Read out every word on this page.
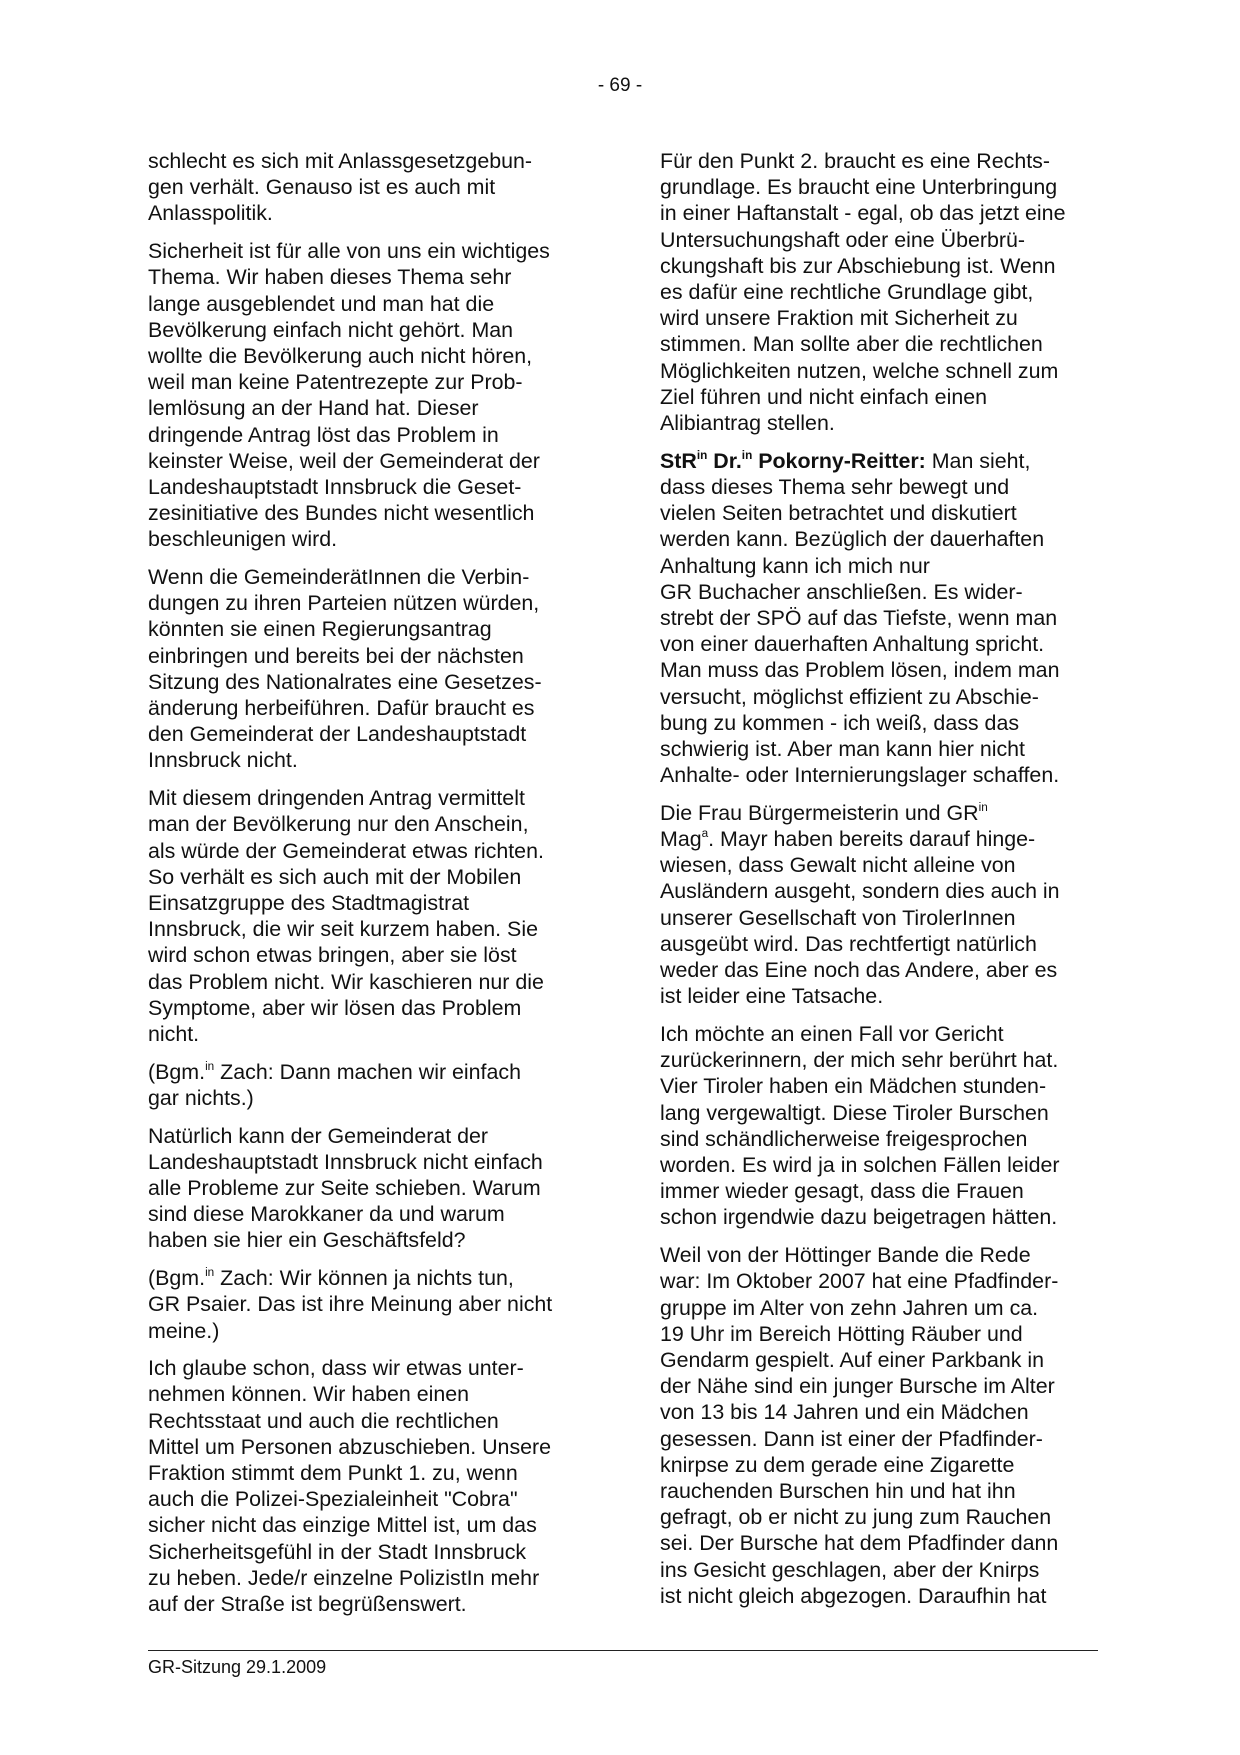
- 69 -

schlecht es sich mit Anlassgesetzgebun-
gen verhält. Genauso ist es auch mit
Anlasspolitik.

Sicherheit ist für alle von uns ein wichtiges
Thema. Wir haben dieses Thema sehr
lange ausgeblendet und man hat die
Bevölkerung einfach nicht gehört. Man
wollte die Bevölkerung auch nicht hören,
weil man keine Patentrezepte zur Prob-
lemlösung an der Hand hat. Dieser
dringende Antrag löst das Problem in
keinster Weise, weil der Gemeinderat der
Landeshauptstadt Innsbruck die Geset-
zesinitiative des Bundes nicht wesentlich
beschleunigen wird.

Wenn die GemeinderätInnen die Verbin-
dungen zu ihren Parteien nützen würden,
könnten sie einen Regierungsantrag
einbringen und bereits bei der nächsten
Sitzung des Nationalrates eine Gesetzes-
änderung herbeiführen. Dafür braucht es
den Gemeinderat der Landeshauptstadt
Innsbruck nicht.

Mit diesem dringenden Antrag vermittelt
man der Bevölkerung nur den Anschein,
als würde der Gemeinderat etwas richten.
So verhält es sich auch mit der Mobilen
Einsatzgruppe des Stadtmagistrat
Innsbruck, die wir seit kurzem haben. Sie
wird schon etwas bringen, aber sie löst
das Problem nicht. Wir kaschieren nur die
Symptome, aber wir lösen das Problem
nicht.

(Bgm.$^{in}$ Zach: Dann machen wir einfach
gar nichts.)

Natürlich kann der Gemeinderat der
Landeshauptstadt Innsbruck nicht einfach
alle Probleme zur Seite schieben. Warum
sind diese Marokkaner da und warum
haben sie hier ein Geschäftsfeld?

(Bgm.$^{in}$ Zach: Wir können ja nichts tun,
GR Psaier. Das ist ihre Meinung aber nicht
meine.)

Ich glaube schon, dass wir etwas unter-
nehmen können. Wir haben einen
Rechtsstaat und auch die rechtlichen
Mittel um Personen abzuschieben. Unsere
Fraktion stimmt dem Punkt 1. zu, wenn
auch die Polizei-Spezialeinheit "Cobra"
sicher nicht das einzige Mittel ist, um das
Sicherheitsgefühl in der Stadt Innsbruck
zu heben. Jede/r einzelne PolizistIn mehr
auf der Straße ist begrüßenswert.

Für den Punkt 2. braucht es eine Rechts-
grundlage. Es braucht eine Unterbringung
in einer Haftanstalt - egal, ob das jetzt eine
Untersuchungshaft oder eine Überbrü-
ckungshaft bis zur Abschiebung ist. Wenn
es dafür eine rechtliche Grundlage gibt,
wird unsere Fraktion mit Sicherheit zu
stimmen. Man sollte aber die rechtlichen
Möglichkeiten nutzen, welche schnell zum
Ziel führen und nicht einfach einen
Alibiantrag stellen.

StR$^{in}$ Dr.$^{in}$ Pokorny-Reitter: Man sieht,
dass dieses Thema sehr bewegt und
vielen Seiten betrachtet und diskutiert
werden kann. Bezüglich der dauerhaften
Anhaltung kann ich mich nur
GR Buchacher anschließen. Es wider-
strebt der SPÖ auf das Tiefste, wenn man
von einer dauerhaften Anhaltung spricht.
Man muss das Problem lösen, indem man
versucht, möglichst effizient zu Abschie-
bung zu kommen - ich weiß, dass das
schwierig ist. Aber man kann hier nicht
Anhalte- oder Internierungslager schaffen.

Die Frau Bürgermeisterin und $GR^{in}$
Mag$^a$. Mayr haben bereits darauf hinge-
wiesen, dass Gewalt nicht alleine von
Ausländern ausgeht, sondern dies auch in
unserer Gesellschaft von TirolerInnen
ausgeübt wird. Das rechtfertigt natürlich
weder das Eine noch das Andere, aber es
ist leider eine Tatsache.

Ich möchte an einen Fall vor Gericht
zurückerinnern, der mich sehr berührt hat.
Vier Tiroler haben ein Mädchen stunden-
lang vergewaltigt. Diese Tiroler Burschen
sind schändlicherweise freigesprochen
worden. Es wird ja in solchen Fällen leider
immer wieder gesagt, dass die Frauen
schon irgendwie dazu beigetragen hätten.

Weil von der Höttinger Bande die Rede
war: Im Oktober 2007 hat eine Pfadfinder-
gruppe im Alter von zehn Jahren um ca.
19 Uhr im Bereich Hötting Räuber und
Gendarm gespielt. Auf einer Parkbank in
der Nähe sind ein junger Bursche im Alter
von 13 bis 14 Jahren und ein Mädchen
gesessen. Dann ist einer der Pfadfinder-
knirpse zu dem gerade eine Zigarette
rauchenden Burschen hin und hat ihn
gefragt, ob er nicht zu jung zum Rauchen
sei. Der Bursche hat dem Pfadfinder dann
ins Gesicht geschlagen, aber der Knirps
ist nicht gleich abgezogen. Daraufhin hat

GR-Sitzung 29.1.2009
